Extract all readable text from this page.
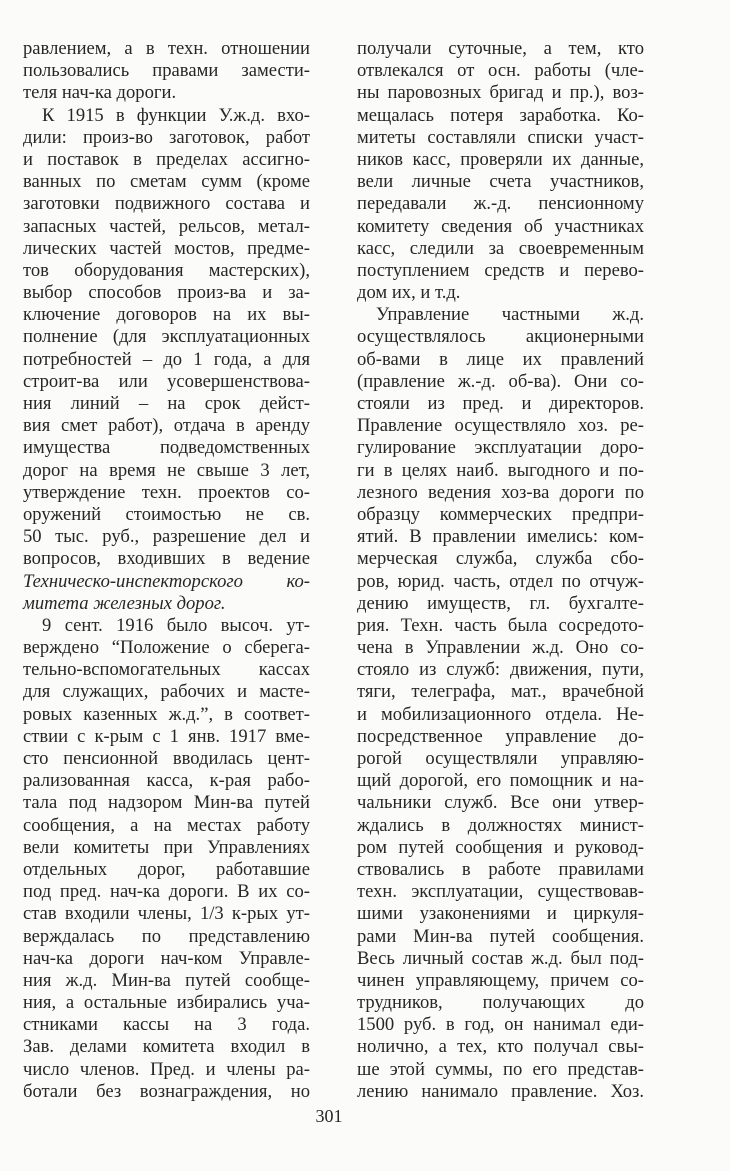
равлением, а в техн. отношении
пользовались правами замести-
теля нач-ка дороги.
К 1915 в функции У.ж.д. вхо-
дили: произ-во заготовок, работ
и поставок в пределах ассигно-
ванных по сметам сумм (кроме
заготовки подвижного состава и
запасных частей, рельсов, метал-
лических частей мостов, предме-
тов оборудования мастерских),
выбор способов произ-ва и за-
ключение договоров на их вы-
полнение (для эксплуатационных
потребностей – до 1 года, а для
строит-ва или усовершенствова-
ния линий – на срок дейст-
вия смет работ), отдача в аренду
имущества подведомственных
дорог на время не свыше 3 лет,
утверждение техн. проектов со-
оружений стоимостью не св.
50 тыс. руб., разрешение дел и
вопросов, входивших в ведение
Техническо-инспекторского ко-
митета железных дорог.
9 сент. 1916 было высоч. ут-
верждено “Положение о сберега-
тельно-вспомогательных кассах
для служащих, рабочих и масте-
ровых казенных ж.д.”, в соответ-
ствии с к-рым с 1 янв. 1917 вме-
сто пенсионной вводилась цент-
рализованная касса, к-рая рабо-
тала под надзором Мин-ва путей
сообщения, а на местах работу
вели комитеты при Управлениях
отдельных дорог, работавшие
под пред. нач-ка дороги. В их со-
став входили члены, 1/3 к-рых ут-
верждалась по представлению
нач-ка дороги нач-ком Управле-
ния ж.д. Мин-ва путей сообще-
ния, а остальные избирались уча-
стниками кассы на 3 года.
Зав. делами комитета входил в
число членов. Пред. и члены ра-
ботали без вознаграждения, но
получали суточные, а тем, кто
отвлекался от осн. работы (чле-
ны паровозных бригад и пр.), воз-
мещалась потеря заработка. Ко-
митеты составляли списки участ-
ников касс, проверяли их данные,
вели личные счета участников,
передавали ж.-д. пенсионному
комитету сведения об участниках
касс, следили за своевременным
поступлением средств и перево-
дом их, и т.д.
Управление частными ж.д.
осуществлялось акционерными
об-вами в лице их правлений
(правление ж.-д. об-ва). Они со-
стояли из пред. и директоров.
Правление осуществляло хоз. ре-
гулирование эксплуатации доро-
ги в целях наиб. выгодного и по-
лезного ведения хоз-ва дороги по
образцу коммерческих предпри-
ятий. В правлении имелись: ком-
мерческая служба, служба сбо-
ров, юрид. часть, отдел по отчуж-
дению имуществ, гл. бухгалте-
рия. Техн. часть была сосредото-
чена в Управлении ж.д. Оно со-
стояло из служб: движения, пути,
тяги, телеграфа, мат., врачебной
и мобилизационного отдела. Не-
посредственное управление до-
рогой осуществляли управляю-
щий дорогой, его помощник и на-
чальники служб. Все они утвер-
ждались в должностях минист-
ром путей сообщения и руковод-
ствовались в работе правилами
техн. эксплуатации, существовав-
шими узаконениями и циркуля-
рами Мин-ва путей сообщения.
Весь личный состав ж.д. был под-
чинен управляющему, причем со-
трудников, получающих до
1500 руб. в год, он нанимал еди-
нолично, а тех, кто получал свы-
ше этой суммы, по его представ-
лению нанимало правление. Хоз.
301
